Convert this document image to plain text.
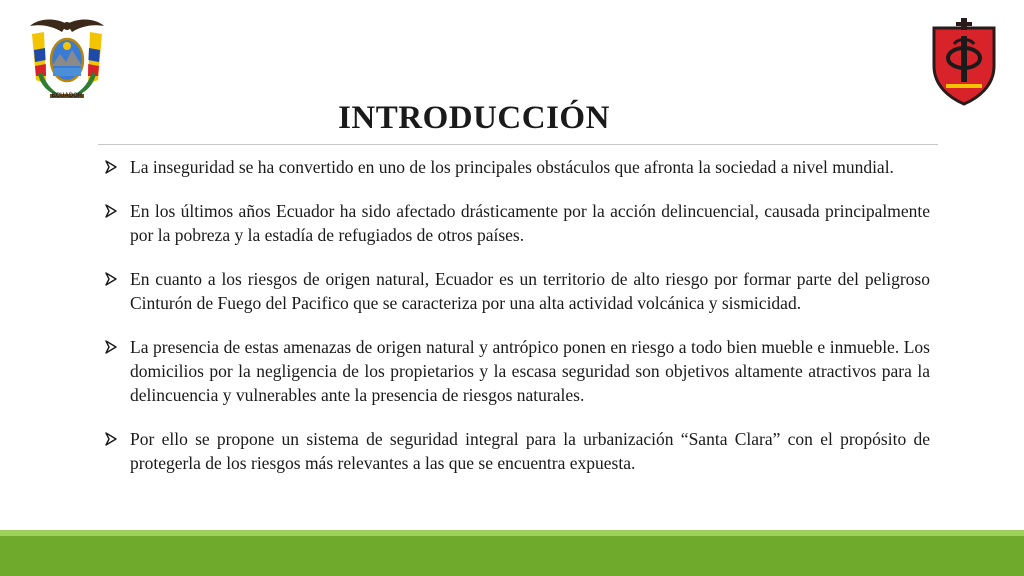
ECUADOR
INTRODUCCIÓN
La inseguridad se ha convertido en uno de los principales obstáculos que afronta la sociedad a nivel mundial.
En los últimos años Ecuador ha sido afectado drásticamente por la acción delincuencial, causada principalmente por la pobreza y la estadía de refugiados de otros países.
En cuanto a los riesgos de origen natural, Ecuador es un territorio de alto riesgo por formar parte del peligroso Cinturón de Fuego del Pacifico que se caracteriza por una alta actividad volcánica y sismicidad.
La presencia de estas amenazas de origen natural y antrópico ponen en riesgo a todo bien mueble e inmueble. Los domicilios por la negligencia de los propietarios y la escasa seguridad son objetivos altamente atractivos para la delincuencia y vulnerables ante la presencia de riesgos naturales.
Por ello se propone un sistema de seguridad integral para la urbanización “Santa Clara” con el propósito de protegerla de los riesgos más relevantes a las que se encuentra expuesta.
